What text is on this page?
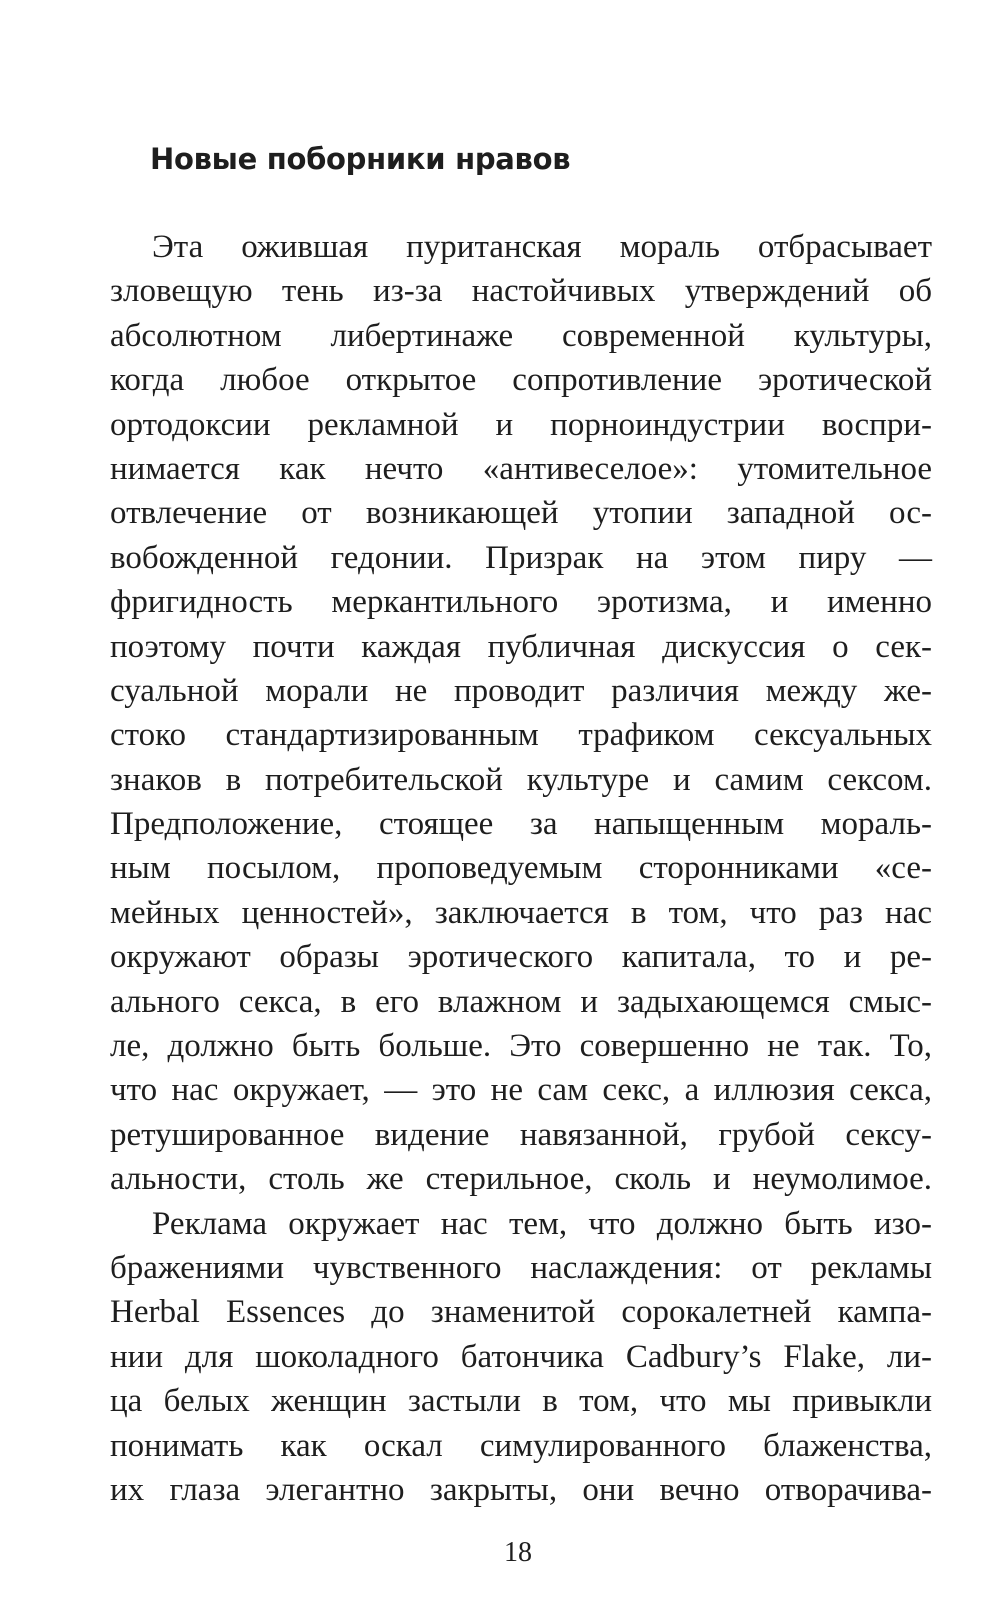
Новые поборники нравов
Эта ожившая пуританская мораль отбрасывает
зловещую тень из-за настойчивых утверждений об
абсолютном либертинаже современной культуры,
когда любое открытое сопротивление эротической
ортодоксии рекламной и порноиндустрии воспри-
нимается как нечто «антивеселое»: утомительное
отвлечение от возникающей утопии западной ос-
вобожденной гедонии. Призрак на этом пиру —
фригидность меркантильного эротизма, и именно
поэтому почти каждая публичная дискуссия о сек-
суальной морали не проводит различия между же-
стоко стандартизированным трафиком сексуальных
знаков в потребительской культуре и самим сексом.
Предположение, стоящее за напыщенным мораль-
ным посылом, проповедуемым сторонниками «се-
мейных ценностей», заключается в том, что раз нас
окружают образы эротического капитала, то и ре-
ального секса, в его влажном и задыхающемся смыс-
ле, должно быть больше. Это совершенно не так. То,
что нас окружает, — это не сам секс, а иллюзия секса,
ретушированное видение навязанной, грубой сексу-
альности, столь же стерильное, сколь и неумолимое.
Реклама окружает нас тем, что должно быть изо-
бражениями чувственного наслаждения: от рекламы
Herbal Essences до знаменитой сорокалетней кампа-
нии для шоколадного батончика Cadbury’s Flake, ли-
ца белых женщин застыли в том, что мы привыкли
понимать как оскал симулированного блаженства,
их глаза элегантно закрыты, они вечно отворачива-
18
